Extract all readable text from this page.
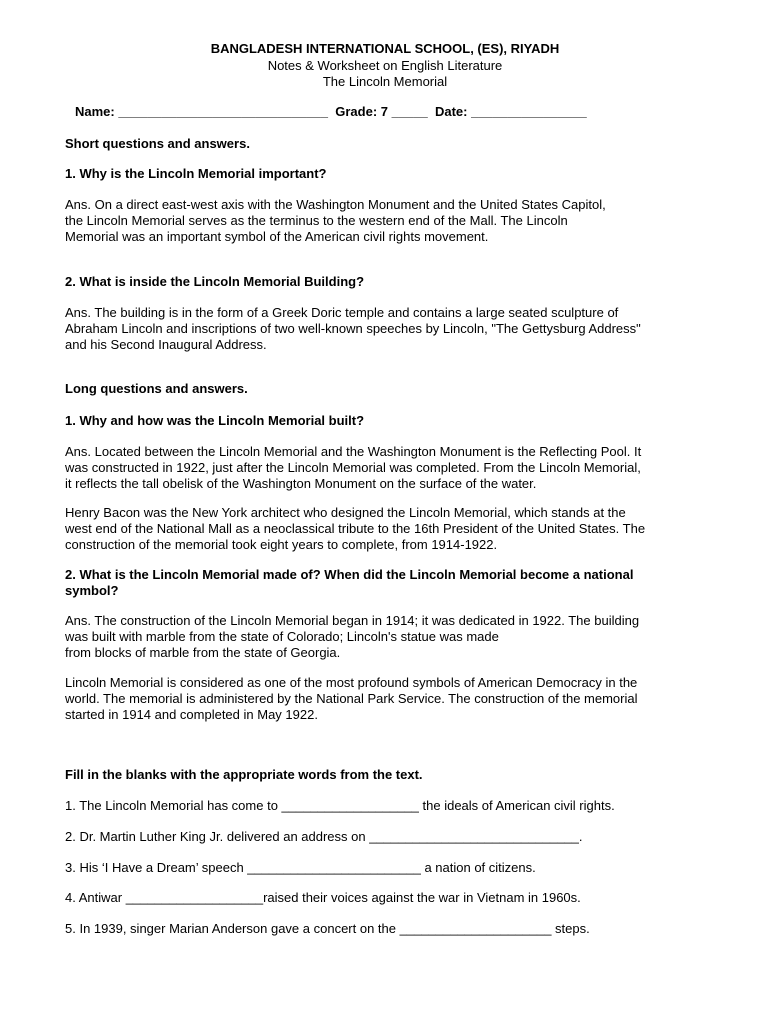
BANGLADESH INTERNATIONAL SCHOOL, (ES), RIYADH
Notes & Worksheet on English Literature
The Lincoln Memorial
Name: _____________________________  Grade: 7 _____  Date: ________________
Short questions and answers.
1. Why is the Lincoln Memorial important?
Ans. On a direct east-west axis with the Washington Monument and the United States Capitol,
the Lincoln Memorial serves as the terminus to the western end of the Mall. The Lincoln
Memorial was an important symbol of the American civil rights movement.
2. What is inside the Lincoln Memorial Building?
Ans. The building is in the form of a Greek Doric temple and contains a large seated sculpture of
Abraham Lincoln and inscriptions of two well-known speeches by Lincoln, "The Gettysburg Address"
and his Second Inaugural Address.
Long questions and answers.
1. Why and how was the Lincoln Memorial built?
Ans. Located between the Lincoln Memorial and the Washington Monument is the Reflecting Pool. It
was constructed in 1922, just after the Lincoln Memorial was completed. From the Lincoln Memorial,
it reflects the tall obelisk of the Washington Monument on the surface of the water.
Henry Bacon was the New York architect who designed the Lincoln Memorial, which stands at the
west end of the National Mall as a neoclassical tribute to the 16th President of the United States. The
construction of the memorial took eight years to complete, from 1914-1922.
2. What is the Lincoln Memorial made of? When did the Lincoln Memorial become a national
symbol?
Ans. The construction of the Lincoln Memorial began in 1914; it was dedicated in 1922. The building
was built with marble from the state of Colorado; Lincoln's statue was made
from blocks of marble from the state of Georgia.
Lincoln Memorial is considered as one of the most profound symbols of American Democracy in the
world. The memorial is administered by the National Park Service. The construction of the memorial
started in 1914 and completed in May 1922.
Fill in the blanks with the appropriate words from the text.
1. The Lincoln Memorial has come to ___________________ the ideals of American civil rights.
2. Dr. Martin Luther King Jr. delivered an address on _____________________________.
3. His ‘I Have a Dream’ speech ________________________ a nation of citizens.
4. Antiwar ___________________raised their voices against the war in Vietnam in 1960s.
5. In 1939, singer Marian Anderson gave a concert on the _____________________ steps.
